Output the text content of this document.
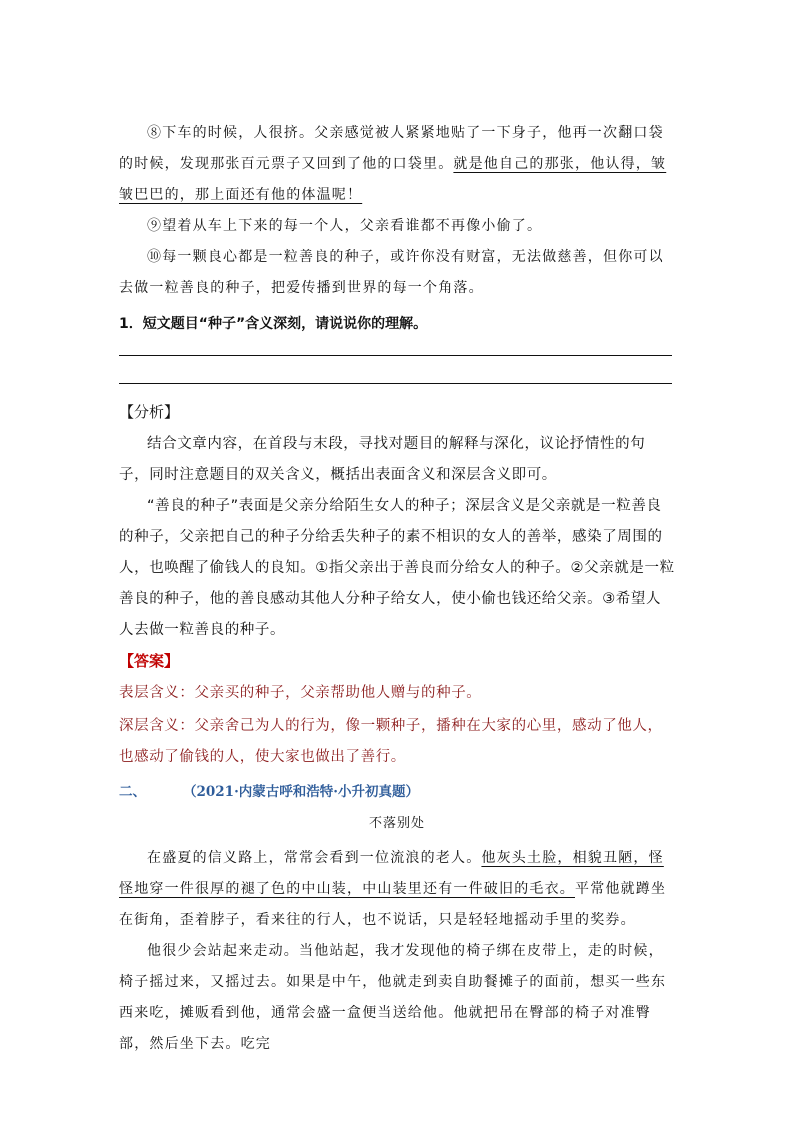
⑧下车的时候，人很挤。父亲感觉被人紧紧地贴了一下身子，他再一次翻口袋的时候，发现那张百元票子又回到了他的口袋里。就是他自己的那张，他认得，皱皱巴巴的，那上面还有他的体温呢！

⑨望着从车上下来的每一个人，父亲看谁都不再像小偷了。

⑩每一颗良心都是一粒善良的种子，或许你没有财富，无法做慈善，但你可以去做一粒善良的种子，把爱传播到世界的每一个角落。

1．短文题目“种子”含义深刻，请说说你的理解。

【分析】

结合文章内容，在首段与末段，寻找对题目的解释与深化，议论抒情性的句子，同时注意题目的双关含义，概括出表面含义和深层含义即可。

“善良的种子”表面是父亲分给陌生女人的种子；深层含义是父亲就是一粒善良的种子，父亲把自己的种子分给丢失种子的素不相识的女人的善举，感染了周围的人，也唤醒了偷钱人的良知。①指父亲出于善良而分给女人的种子。②父亲就是一粒善良的种子，他的善良感动其他人分种子给女人，使小偷也钱还给父亲。③希望人人去做一粒善良的种子。

【答案】

表层含义：父亲买的种子，父亲帮助他人赠与的种子。

深层含义：父亲舍己为人的行为，像一颗种子，播种在大家的心里，感动了他人，也感动了偷钱的人，使大家也做出了善行。

二、	（2021·内蒙古呼和浩特·小升初真题）
不落别处

在盛夏的信义路上，常常会看到一位流浪的老人。他灰头土脸，相貌丑陋，怪怪地穿一件很厚的褪了色的中山装，中山装里还有一件破旧的毛衣。平常他就蹲坐在街角，歪着脖子，看来往的行人，也不说话，只是轻轻地摇动手里的奖券。

他很少会站起来走动。当他站起，我才发现他的椅子绑在皮带上，走的时候，椅子摇过来，又摇过去。如果是中午，他就走到卖自助餐摊子的面前，想买一些东西来吃，摊贩看到他，通常会盛一盒便当送给他。他就把吊在臀部的椅子对准臀部，然后坐下去。吃完
